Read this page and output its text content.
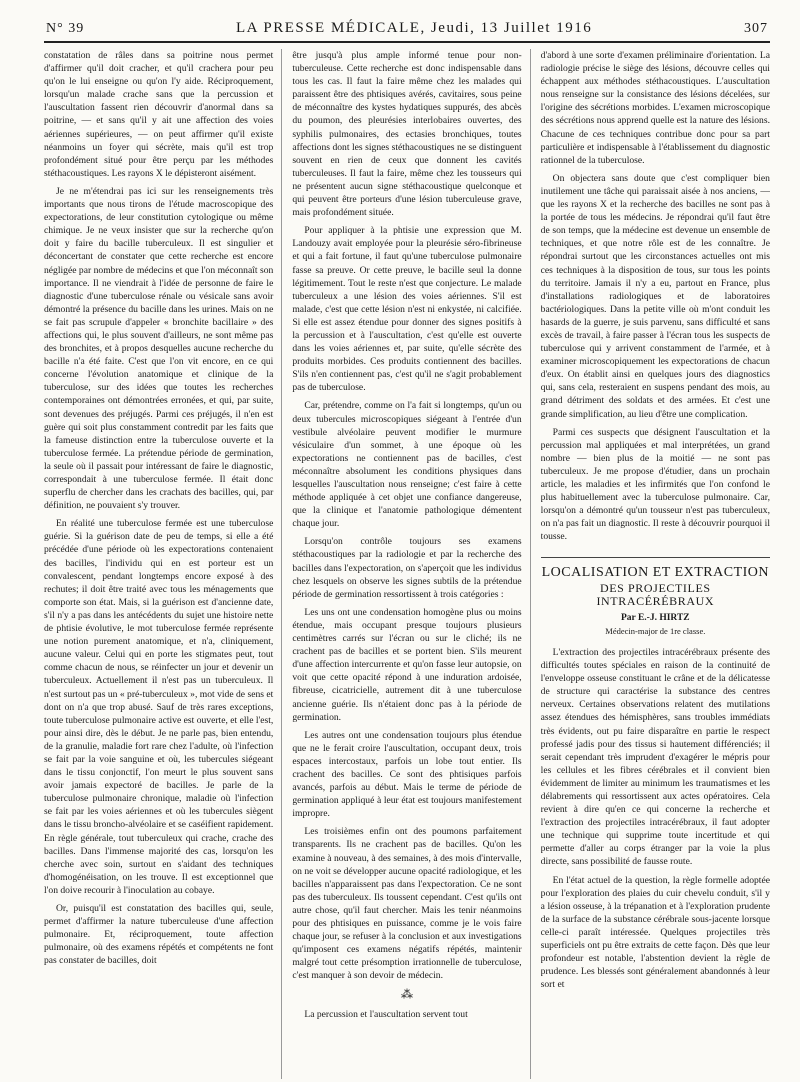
N° 39	LA PRESSE MÉDICALE, Jeudi, 13 Juillet 1916	307

constatation de râles dans sa poitrine nous permet d'affirmer qu'il doit cracher, et qu'il crachera pour peu qu'on le lui enseigne ou qu'on l'y aide. Réciproquement, lorsqu'un malade crache sans que la percussion et l'auscultation fassent rien découvrir d'anormal dans sa poitrine, — et sans qu'il y ait une affection des voies aériennes supérieures, — on peut affirmer qu'il existe néanmoins un foyer qui sécrète, mais qu'il est trop profondément situé pour être perçu par les méthodes stéthacoustiques. Les rayons X le dépisteront aisément.

Je ne m'étendrai pas ici sur les renseignements très importants que nous tirons de l'étude macroscopique des expectorations, de leur constitution cytologique ou même chimique. Je ne veux insister que sur la recherche qu'on doit y faire du bacille tuberculeux. Il est singulier et déconcertant de constater que cette recherche est encore négligée par nombre de médecins et que l'on méconnaît son importance. Il ne viendrait à l'idée de personne de faire le diagnostic d'une tuberculose rénale ou vésicale sans avoir démontré la présence du bacille dans les urines. Mais on ne se fait pas scrupule d'appeler « bronchite bacillaire » des affections qui, le plus souvent d'ailleurs, ne sont même pas des bronchites, et à propos desquelles aucune recherche du bacille n'a été faite. C'est que l'on vit encore, en ce qui concerne l'évolution anatomique et clinique de la tuberculose, sur des idées que toutes les recherches contemporaines ont démontrées erronées, et qui, par suite, sont devenues des préjugés. Parmi ces préjugés, il n'en est guère qui soit plus constamment contredit par les faits que la fameuse distinction entre la tuberculose ouverte et la tuberculose fermée. La prétendue période de germination, la seule où il passait pour intéressant de faire le diagnostic, correspondait à une tuberculose fermée. Il était donc superflu de chercher dans les crachats des bacilles, qui, par définition, ne pouvaient s'y trouver.

En réalité une tuberculose fermée est une tuberculose guérie. Si la guérison date de peu de temps, si elle a été précédée d'une période où les expectorations contenaient des bacilles, l'individu qui en est porteur est un convalescent, pendant longtemps encore exposé à des rechutes; il doit être traité avec tous les ménagements que comporte son état. Mais, si la guérison est d'ancienne date, s'il n'y a pas dans les antécédents du sujet une histoire nette de phtisie évolutive, le mot tuberculose fermée représente une notion purement anatomique, et n'a, cliniquement, aucune valeur. Celui qui en porte les stigmates peut, tout comme chacun de nous, se réinfecter un jour et devenir un tuberculeux. Actuellement il n'est pas un tuberculeux. Il n'est surtout pas un « pré-tuberculeux », mot vide de sens et dont on n'a que trop abusé. Sauf de très rares exceptions, toute tuberculose pulmonaire active est ouverte, et elle l'est, pour ainsi dire, dès le début. Je ne parle pas, bien entendu, de la granulie, maladie fort rare chez l'adulte, où l'infection se fait par la voie sanguine et où, les tubercules siégeant dans le tissu conjonctif, l'on meurt le plus souvent sans avoir jamais expectoré de bacilles. Je parle de la tuberculose pulmonaire chronique, maladie où l'infection se fait par les voies aériennes et où les tubercules siègent dans le tissu broncho-alvéolaire et se caséifient rapidement. En règle générale, tout tuberculeux qui crache, crache des bacilles. Dans l'immense majorité des cas, lorsqu'on les cherche avec soin, surtout en s'aidant des techniques d'homogénéisation, on les trouve. Il est exceptionnel que l'on doive recourir à l'inoculation au cobaye.

Or, puisqu'il est constatation des bacilles qui, seule, permet d'affirmer la nature tuberculeuse d'une affection pulmonaire. Et, réciproquement, toute affection pulmonaire, où des examens répétés et compétents ne font pas constater de bacilles, doit

être jusqu'à plus ample informé tenue pour non-tuberculeuse. Cette recherche est donc indispensable dans tous les cas. Il faut la faire même chez les malades qui paraissent être des phtisiques avérés, cavitaires, sous peine de méconnaître des kystes hydatiques suppurés, des abcès du poumon, des pleurésies interlobaires ouvertes, des syphilis pulmonaires, des ectasies bronchiques, toutes affections dont les signes stéthacoustiques ne se distinguent souvent en rien de ceux que donnent les cavités tuberculeuses. Il faut la faire, même chez les tousseurs qui ne présentent aucun signe stéthacoustique quelconque et qui peuvent être porteurs d'une lésion tuberculeuse grave, mais profondément située.

Pour appliquer à la phtisie une expression que M. Landouzy avait employée pour la pleurésie séro-fibrineuse et qui a fait fortune, il faut qu'une tuberculose pulmonaire fasse sa preuve. Or cette preuve, le bacille seul la donne légitimement. Tout le reste n'est que conjecture. Le malade tuberculeux a une lésion des voies aériennes. S'il est malade, c'est que cette lésion n'est ni enkystée, ni calcifiée. Si elle est assez étendue pour donner des signes positifs à la percussion et à l'auscultation, c'est qu'elle est ouverte dans les voies aériennes et, par suite, qu'elle sécrète des produits morbides. Ces produits contiennent des bacilles. S'ils n'en contiennent pas, c'est qu'il ne s'agit probablement pas de tuberculose.

Car, prétendre, comme on l'a fait si longtemps, qu'un ou deux tubercules microscopiques siégeant à l'entrée d'un vestibule alvéolaire peuvent modifier le murmure vésiculaire d'un sommet, à une époque où les expectorations ne contiennent pas de bacilles, c'est méconnaître absolument les conditions physiques dans lesquelles l'auscultation nous renseigne; c'est faire à cette méthode appliquée à cet objet une confiance dangereuse, que la clinique et l'anatomie pathologique démentent chaque jour.

Lorsqu'on contrôle toujours ses examens stéthacoustiques par la radiologie et par la recherche des bacilles dans l'expectoration, on s'aperçoit que les individus chez lesquels on observe les signes subtils de la prétendue période de germination ressortissent à trois catégories :

Les uns ont une condensation homogène plus ou moins étendue, mais occupant presque toujours plusieurs centimètres carrés sur l'écran ou sur le cliché; ils ne crachent pas de bacilles et se portent bien. S'ils meurent d'une affection intercurrente et qu'on fasse leur autopsie, on voit que cette opacité répond à une induration ardoisée, fibreuse, cicatricielle, autrement dit à une tuberculose ancienne guérie. Ils n'étaient donc pas à la période de germination.

Les autres ont une condensation toujours plus étendue que ne le ferait croire l'auscultation, occupant deux, trois espaces intercostaux, parfois un lobe tout entier. Ils crachent des bacilles. Ce sont des phtisiques parfois avancés, parfois au début. Mais le terme de période de germination appliqué à leur état est toujours manifestement impropre.

Les troisièmes enfin ont des poumons parfaitement transparents. Ils ne crachent pas de bacilles. Qu'on les examine à nouveau, à des semaines, à des mois d'intervalle, on ne voit se développer aucune opacité radiologique, et les bacilles n'apparaissent pas dans l'expectoration. Ce ne sont pas des tuberculeux. Ils toussent cependant. C'est qu'ils ont autre chose, qu'il faut chercher. Mais les tenir néanmoins pour des phtisiques en puissance, comme je le vois faire chaque jour, se refuser à la conclusion et aux investigations qu'imposent ces examens négatifs répétés, maintenir malgré tout cette présomption irrationnelle de tuberculose, c'est manquer à son devoir de médecin.

⁂

La percussion et l'auscultation servent tout

d'abord à une sorte d'examen préliminaire d'orientation. La radiologie précise le siège des lésions, découvre celles qui échappent aux méthodes stéthacoustiques. L'auscultation nous renseigne sur la consistance des lésions décelées, sur l'origine des sécrétions morbides. L'examen microscopique des sécrétions nous apprend quelle est la nature des lésions. Chacune de ces techniques contribue donc pour sa part particulière et indispensable à l'établissement du diagnostic rationnel de la tuberculose.

On objectera sans doute que c'est compliquer bien inutilement une tâche qui paraissait aisée à nos anciens, — que les rayons X et la recherche des bacilles ne sont pas à la portée de tous les médecins. Je répondrai qu'il faut être de son temps, que la médecine est devenue un ensemble de techniques, et que notre rôle est de les connaître. Je répondrai surtout que les circonstances actuelles ont mis ces techniques à la disposition de tous, sur tous les points du territoire. Jamais il n'y a eu, partout en France, plus d'installations radiologiques et de laboratoires bactériologiques. Dans la petite ville où m'ont conduit les hasards de la guerre, je suis parvenu, sans difficulté et sans excès de travail, à faire passer à l'écran tous les suspects de tuberculose qui y arrivent constamment de l'armée, et à examiner microscopiquement les expectorations de chacun d'eux. On établit ainsi en quelques jours des diagnostics qui, sans cela, resteraient en suspens pendant des mois, au grand détriment des soldats et des armées. Et c'est une grande simplification, au lieu d'être une complication.

Parmi ces suspects que désignent l'auscultation et la percussion mal appliquées et mal interprétées, un grand nombre — bien plus de la moitié — ne sont pas tuberculeux. Je me propose d'étudier, dans un prochain article, les maladies et les infirmités que l'on confond le plus habituellement avec la tuberculose pulmonaire. Car, lorsqu'on a démontré qu'un tousseur n'est pas tuberculeux, on n'a pas fait un diagnostic. Il reste à découvrir pourquoi il tousse.

LOCALISATION ET EXTRACTION
DES PROJECTILES INTRACÉRÉBRAUX
Par E.-J. HIRTZ
Médecin-major de 1re classe.

L'extraction des projectiles intracérébraux présente des difficultés toutes spéciales en raison de la continuité de l'enveloppe osseuse constituant le crâne et de la délicatesse de structure qui caractérise la substance des centres nerveux. Certaines observations relatent des mutilations assez étendues des hémisphères, sans troubles immédiats très évidents, out pu faire disparaître en partie le respect professé jadis pour des tissus si hautement différenciés; il serait cependant très imprudent d'exagérer le mépris pour les cellules et les fibres cérébrales et il convient bien évidemment de limiter au minimum les traumatismes et les délabrements qui ressortissent aux actes opératoires. Cela revient à dire qu'en ce qui concerne la recherche et l'extraction des projectiles intracérébraux, il faut adopter une technique qui supprime toute incertitude et qui permette d'aller au corps étranger par la voie la plus directe, sans possibilité de fausse route.

En l'état actuel de la question, la règle formelle adoptée pour l'exploration des plaies du cuir chevelu conduit, s'il y a lésion osseuse, à la trépanation et à l'exploration prudente de la surface de la substance cérébrale sous-jacente lorsque celle-ci paraît intéressée. Quelques projectiles très superficiels ont pu être extraits de cette façon. Dès que leur profondeur est notable, l'abstention devient la règle de prudence. Les blessés sont généralement abandonnés à leur sort et
